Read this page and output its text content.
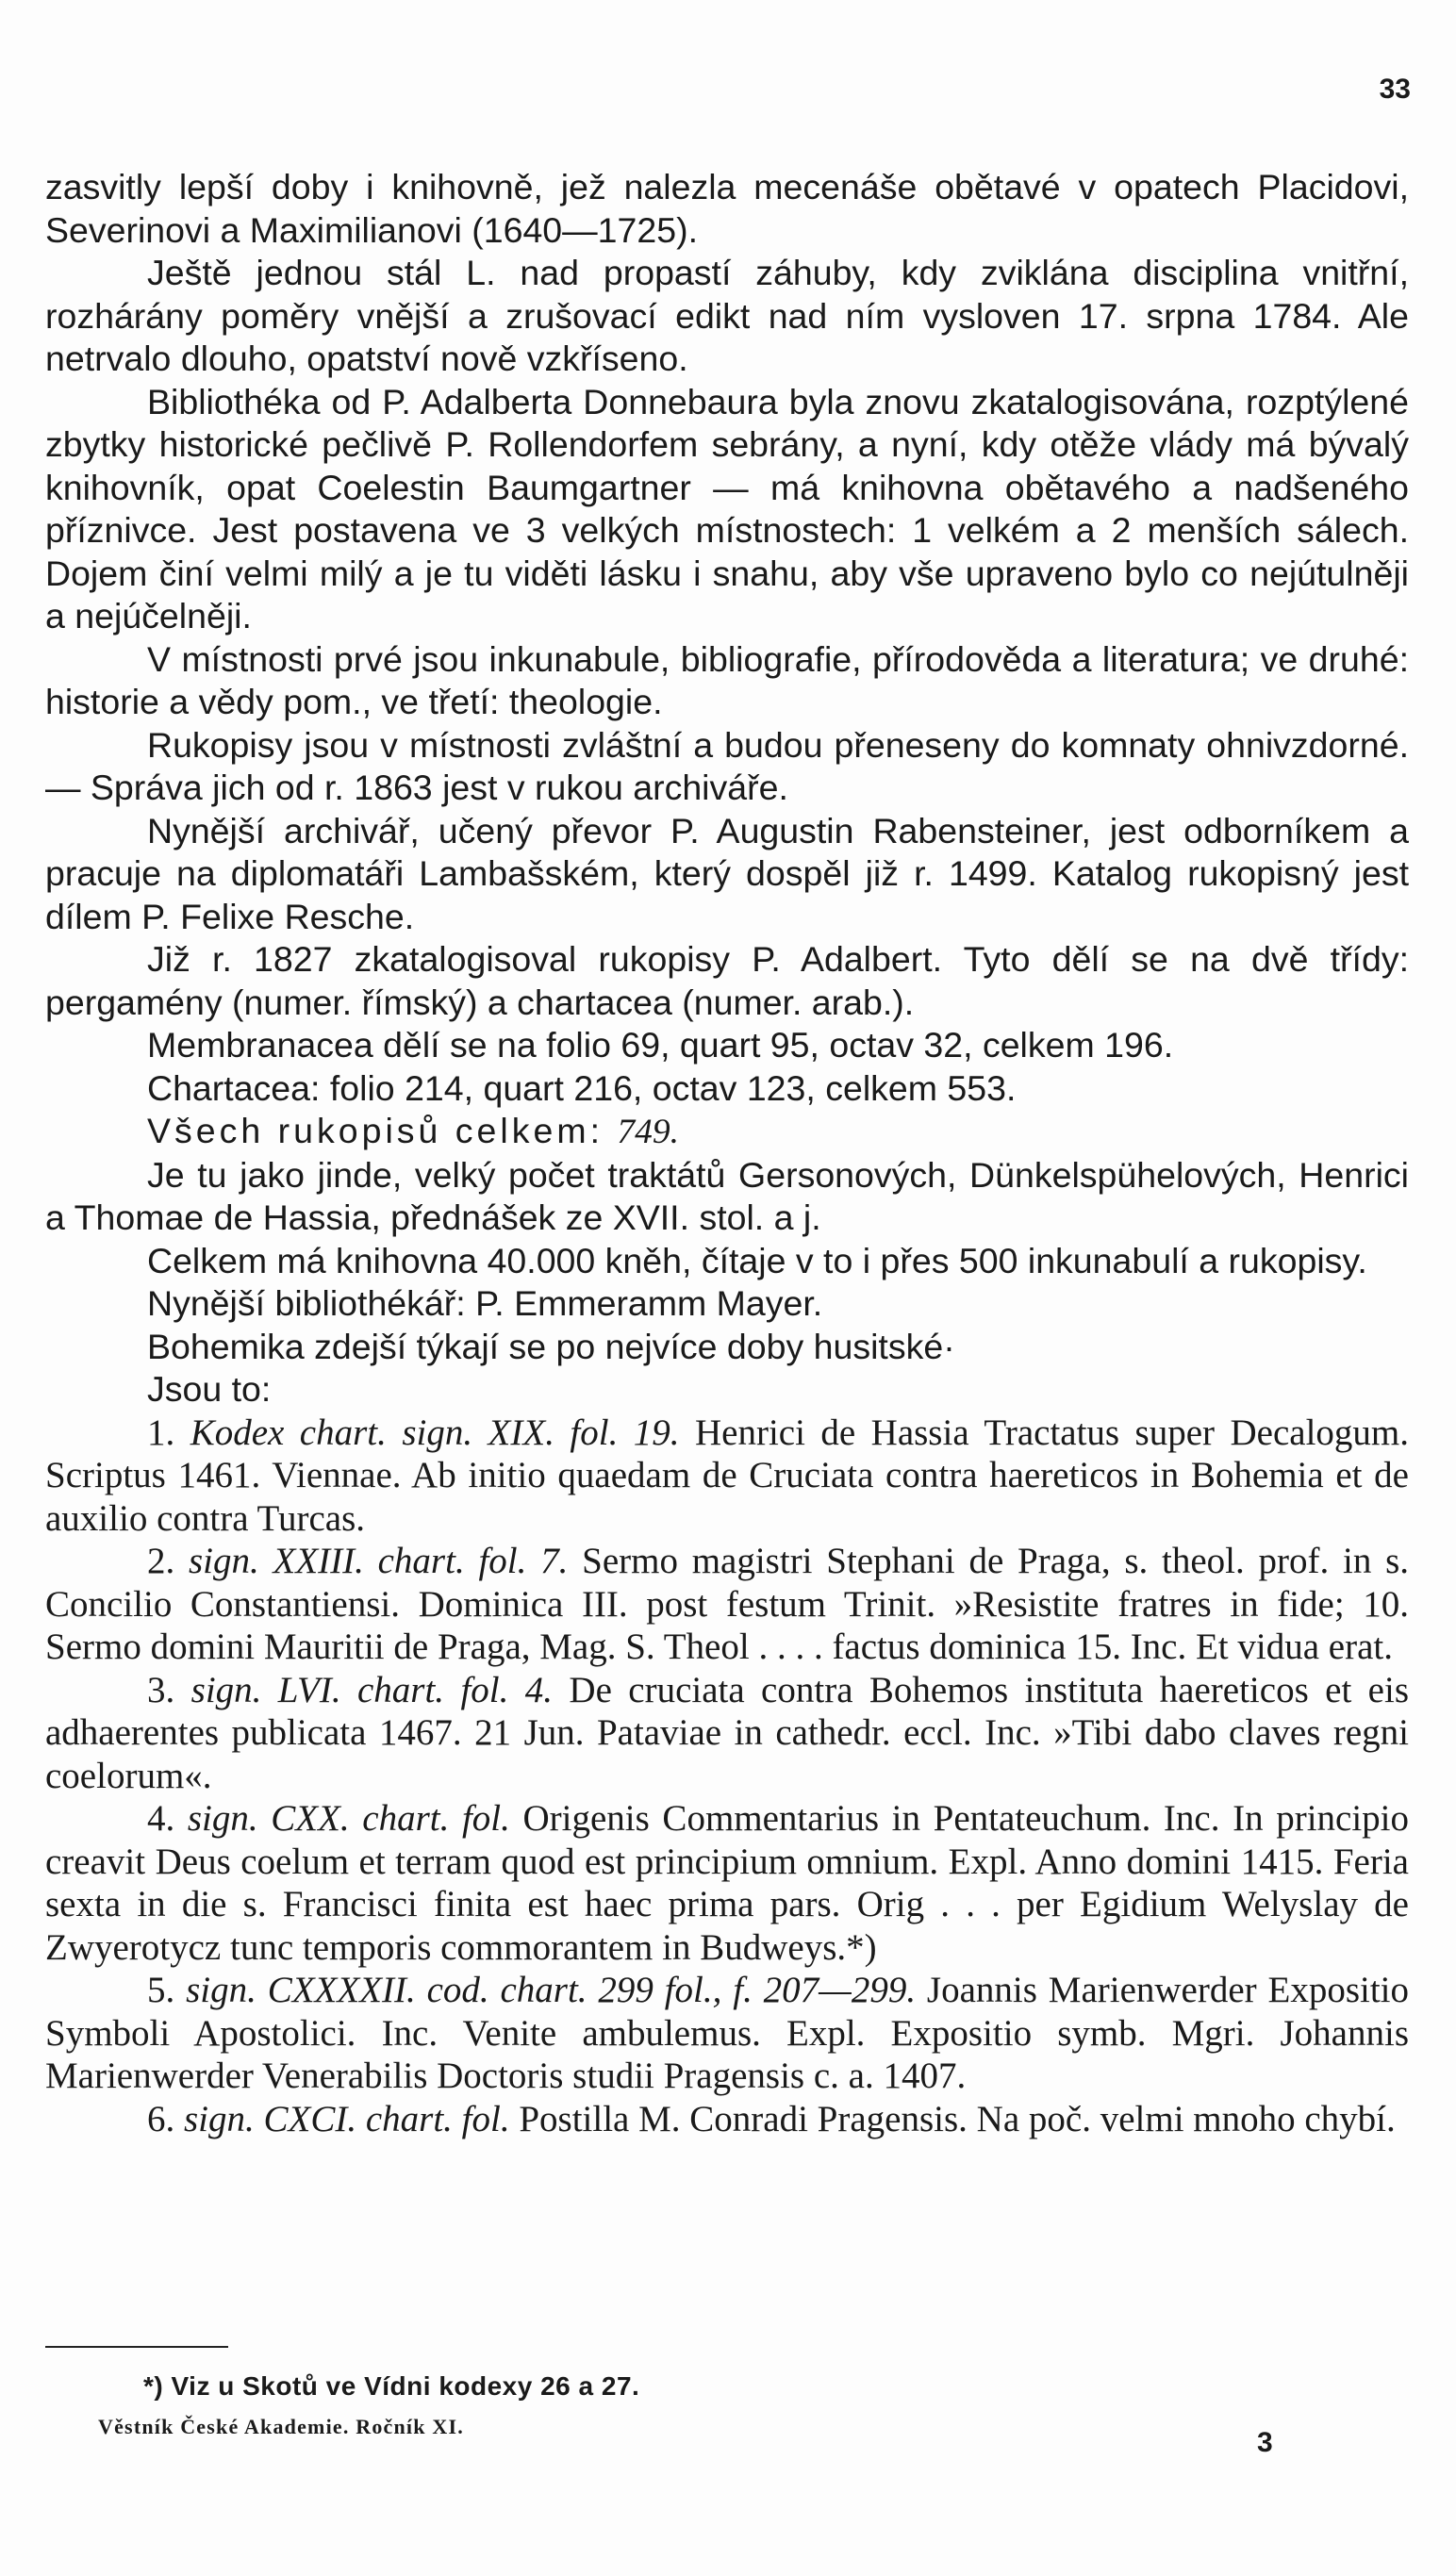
33

zasvitly lepší doby i knihovně, jež nalezla mecenáše obětavé v opatech Placidovi, Severinovi a Maximilianovi (1640—1725).

Ještě jednou stál L. nad propastí záhuby, kdy zviklána disciplina vnitřní, rozhárány poměry vnější a zrušovací edikt nad ním vysloven 17. srpna 1784. Ale netrvalo dlouho, opatství nově vzkříseno.

Bibliothéka od P. Adalberta Donnebaura byla znovu zkatalogisována, rozptýlené zbytky historické pečlivě P. Rollendorfem sebrány, a nyní, kdy otěže vlády má bývalý knihovník, opat Coelestin Baumgartner — má knihovna obětavého a nadšeného příznivce. Jest postavena ve 3 velkých místnostech: 1 velkém a 2 menších sálech. Dojem činí velmi milý a je tu viděti lásku i snahu, aby vše upraveno bylo co nejútulněji a nejúčelněji.

V místnosti prvé jsou inkunabule, bibliografie, přírodověda a literatura; ve druhé: historie a vědy pom., ve třetí: theologie.

Rukopisy jsou v místnosti zvláštní a budou přeneseny do komnaty ohnivzdorné. — Správa jich od r. 1863 jest v rukou archiváře.

Nynější archivář, učený převor P. Augustin Rabensteiner, jest odborníkem a pracuje na diplomatáři Lambašském, který dospěl již r. 1499. Katalog rukopisný jest dílem P. Felixe Resche.

Již r. 1827 zkatalogisoval rukopisy P. Adalbert. Tyto dělí se na dvě třídy: pergamény (numer. římský) a chartacea (numer. arab.).

Membranacea dělí se na folio 69, quart 95, octav 32, celkem 196.

Chartacea: folio 214, quart 216, octav 123, celkem 553.

Všech rukopisů celkem: 749.

Je tu jako jinde, velký počet traktátů Gersonových, Dünkelspühelových, Henrici a Thomae de Hassia, přednášek ze XVII. stol. a j.

Celkem má knihovna 40.000 kněh, čítaje v to i přes 500 inkunabulí a rukopisy.

Nynější bibliothékář: P. Emmeramm Mayer.

Bohemika zdejší týkají se po nejvíce doby husitské·

Jsou to:

1. Kodex chart. sign. XIX. fol. 19. Henrici de Hassia Tractatus super Decalogum. Scriptus 1461. Viennae. Ab initio quaedam de Cruciata contra haereticos in Bohemia et de auxilio contra Turcas.

2. sign. XXIII. chart. fol. 7. Sermo magistri Stephani de Praga, s. theol. prof. in s. Concilio Constantiensi. Dominica III. post festum Trinit. »Resistite fratres in fide; 10. Sermo domini Mauritii de Praga, Mag. S. Theol . . . . factus dominica 15. Inc. Et vidua erat.

3. sign. LVI. chart. fol. 4. De cruciata contra Bohemos instituta haereticos et eis adhaerentes publicata 1467. 21 Jun. Pataviae in cathedr. eccl. Inc. »Tibi dabo claves regni coelorum«.

4. sign. CXX. chart. fol. Origenis Commentarius in Pentateuchum. Inc. In principio creavit Deus coelum et terram quod est principium omnium. Expl. Anno domini 1415. Feria sexta in die s. Francisci finita est haec prima pars. Orig . . . per Egidium Welyslay de Zwyerotycz tunc temporis commorantem in Budweys.*)

5. sign. CXXXXII. cod. chart. 299 fol., f. 207—299. Joannis Marienwerder Expositio Symboli Apostolici. Inc. Venite ambulemus. Expl. Expositio symb. Mgri. Johannis Marienwerder Venerabilis Doctoris studii Pragensis c. a. 1407.

6. sign. CXCI. chart. fol. Postilla M. Conradi Pragensis. Na poč. velmi mnoho chybí.

*) Viz u Skotů ve Vídni kodexy 26 a 27.
Věstník České Akademie. Ročník XI.
3
